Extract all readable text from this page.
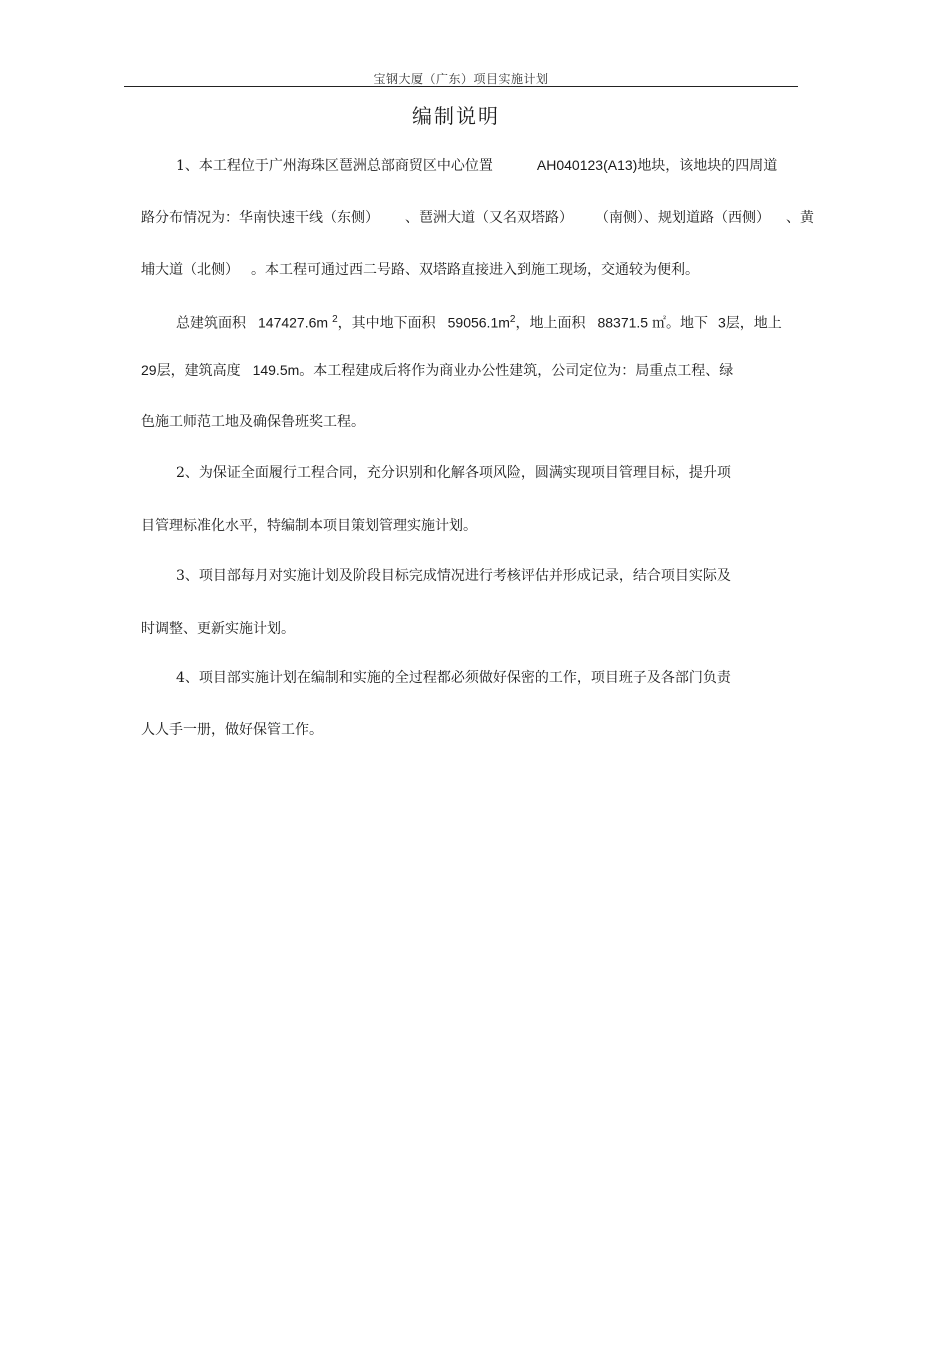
宝钢大厦（广东）项目实施计划
编制说明
1、本工程位于广州海珠区琶洲总部商贸区中心位置	AH040123(A13)地块，该地块的四周道
路分布情况为：华南快速干线（东侧） 、琶洲大道（又名双塔路） （南侧）、规划道路（西侧） 、黄
埔大道（北侧） 。本工程可通过西二号路、双塔路直接进入到施工现场，交通较为便利。
总建筑面积 147427.6m $^2$，其中地下面积 $59056.1m^2$，地上面积 88371.5 ㎡。地下 3层，地上
29层，建筑高度 149.5m。本工程建成后将作为商业办公性建筑，公司定位为：局重点工程、绿
色施工师范工地及确保鲁班奖工程。
2、为保证全面履行工程合同，充分识别和化解各项风险，圆满实现项目管理目标，提升项
目管理标准化水平，特编制本项目策划管理实施计划。
3、项目部每月对实施计划及阶段目标完成情况进行考核评估并形成记录，结合项目实际及
时调整、更新实施计划。
4、项目部实施计划在编制和实施的全过程都必须做好保密的工作，项目班子及各部门负责
人人手一册，做好保管工作。
